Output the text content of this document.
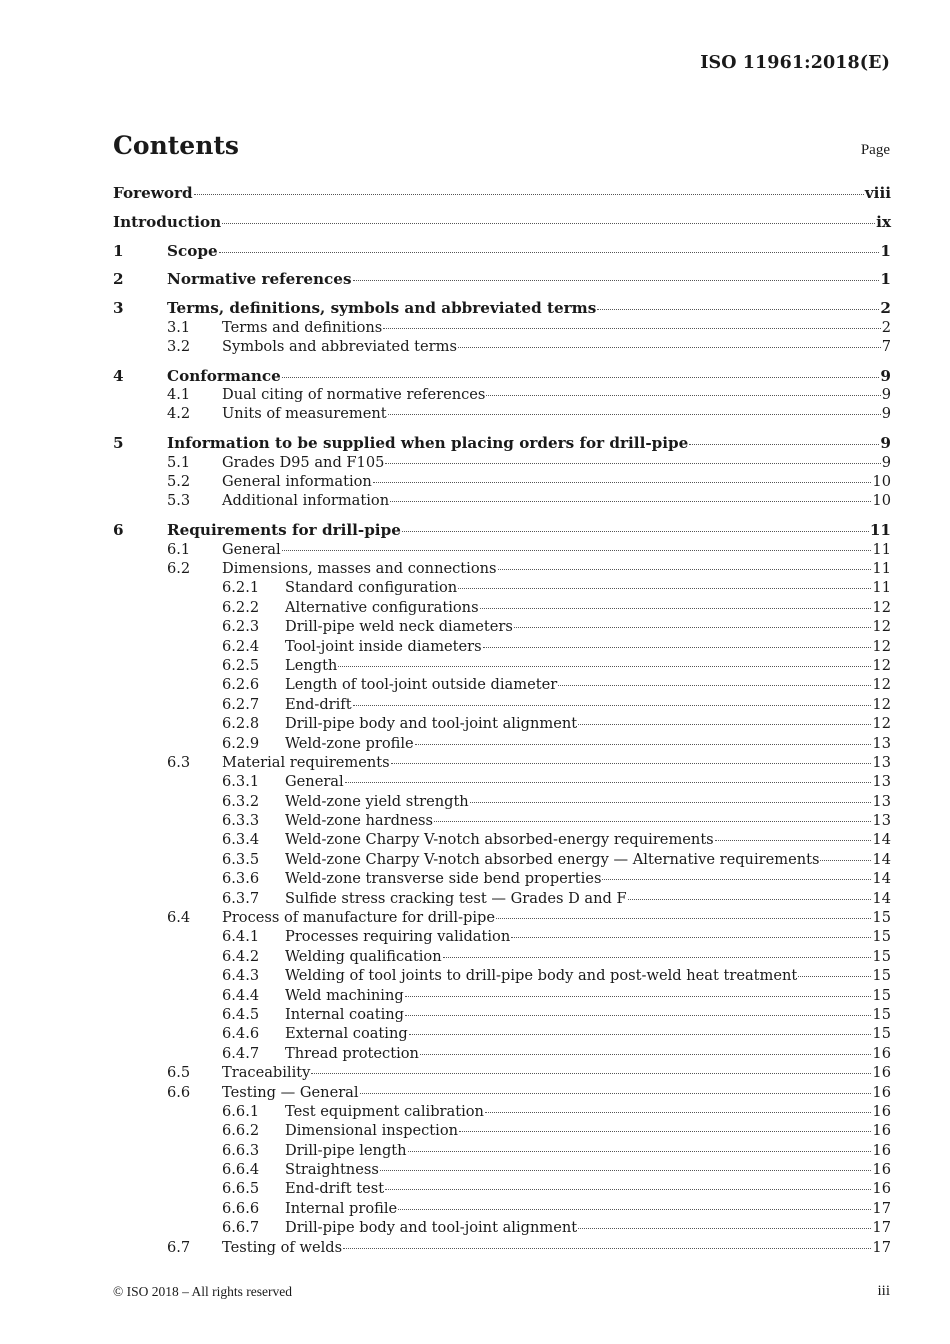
ISO 11961:2018(E)
Contents	Page
Foreword	viii
Introduction	ix
1	Scope	1
2	Normative references	1
3	Terms, definitions, symbols and abbreviated terms	2
3.1 Terms and definitions	2
3.2 Symbols and abbreviated terms	7
4	Conformance	9
4.1 Dual citing of normative references	9
4.2 Units of measurement	9
5	Information to be supplied when placing orders for drill-pipe	9
5.1 Grades D95 and F105	9
5.2 General information	10
5.3 Additional information	10
6	Requirements for drill-pipe	11
6.1 General	11
6.2 Dimensions, masses and connections	11
6.2.1 Standard configuration	11
6.2.2 Alternative configurations	12
6.2.3 Drill-pipe weld neck diameters	12
6.2.4 Tool-joint inside diameters	12
6.2.5 Length	12
6.2.6 Length of tool-joint outside diameter	12
6.2.7 End-drift	12
6.2.8 Drill-pipe body and tool-joint alignment	12
6.2.9 Weld-zone profile	13
6.3 Material requirements	13
6.3.1 General	13
6.3.2 Weld-zone yield strength	13
6.3.3 Weld-zone hardness	13
6.3.4 Weld-zone Charpy V-notch absorbed-energy requirements	14
6.3.5 Weld-zone Charpy V-notch absorbed energy — Alternative requirements	14
6.3.6 Weld-zone transverse side bend properties	14
6.3.7 Sulfide stress cracking test — Grades D and F	14
6.4 Process of manufacture for drill-pipe	15
6.4.1 Processes requiring validation	15
6.4.2 Welding qualification	15
6.4.3 Welding of tool joints to drill-pipe body and post-weld heat treatment	15
6.4.4 Weld machining	15
6.4.5 Internal coating	15
6.4.6 External coating	15
6.4.7 Thread protection	16
6.5 Traceability	16
6.6 Testing — General	16
6.6.1 Test equipment calibration	16
6.6.2 Dimensional inspection	16
6.6.3 Drill-pipe length	16
6.6.4 Straightness	16
6.6.5 End-drift test	16
6.6.6 Internal profile	17
6.6.7 Drill-pipe body and tool-joint alignment	17
6.7 Testing of welds	17
© ISO 2018 – All rights reserved	iii
